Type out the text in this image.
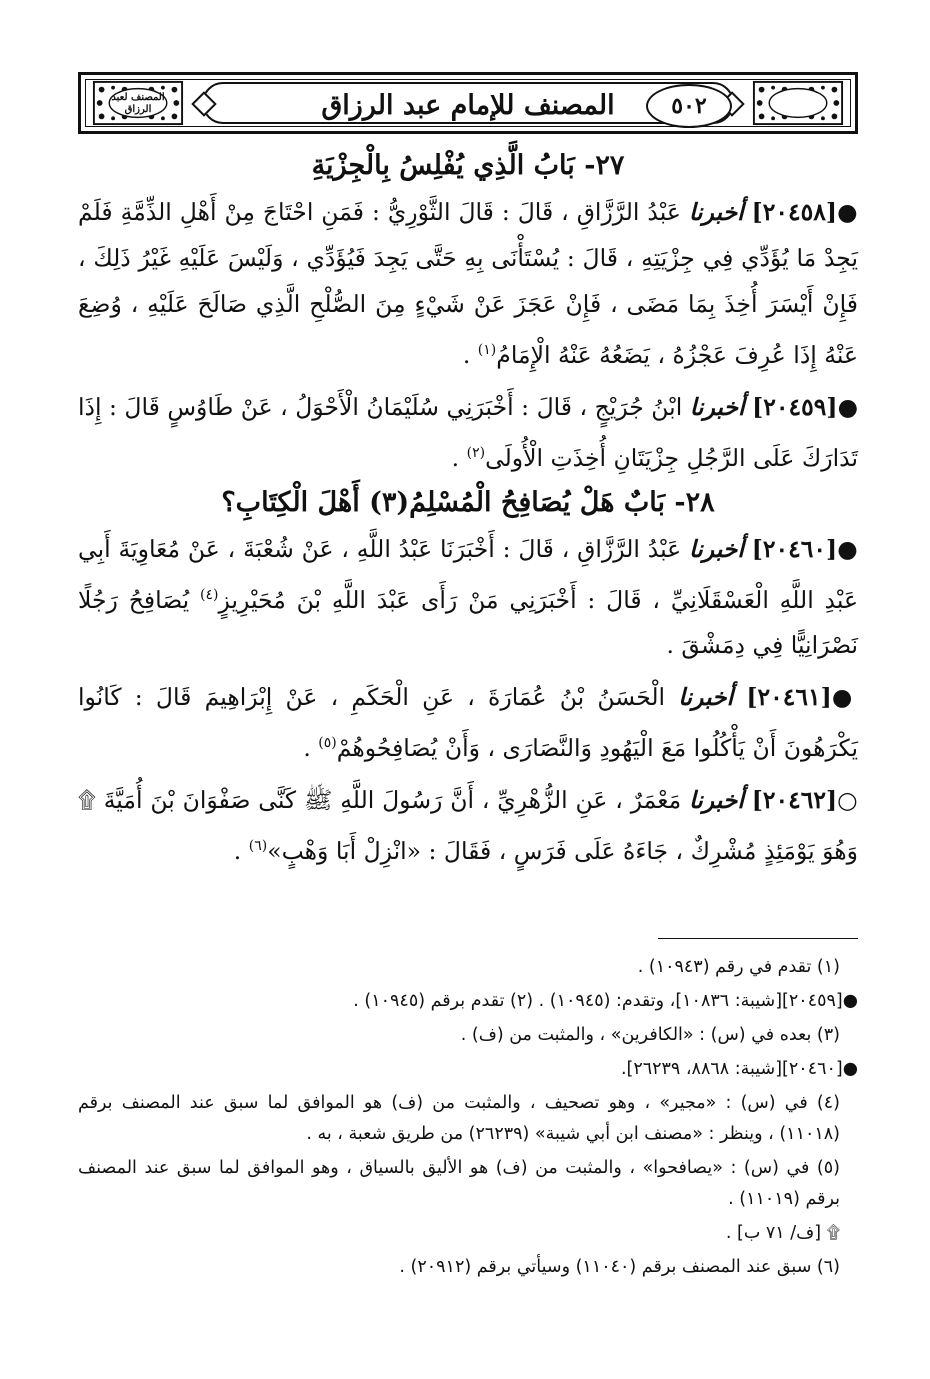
المصنف لعبد الرزاق	المصنف للإمام عبد الرزاق	٥٠٢
٢٧- بَابُ الَّذِي يُفْلِسُ بِالْجِزْيَةِ

●[٢٠٤٥٨] أخبرنا عَبْدُ الرَّزَّاقِ ، قَالَ : قَالَ الثَّوْرِيُّ : فَمَنِ احْتَاجَ مِنْ أَهْلِ الذِّمَّةِ فَلَمْ يَجِدْ مَا يُؤَدِّي فِي جِزْيَتِهِ ، قَالَ : يُسْتَأْنَى بِهِ حَتَّى يَجِدَ فَيُؤَدِّي ، وَلَيْسَ عَلَيْهِ غَيْرُ ذَلِكَ ، فَإِنْ أَيْسَرَ أُخِذَ بِمَا مَضَى ، فَإِنْ عَجَزَ عَنْ شَيْءٍ مِنَ الصُّلْحِ الَّذِي صَالَحَ عَلَيْهِ ، وُضِعَ عَنْهُ إِذَا عُرِفَ عَجْزُهُ ، يَضَعُهُ عَنْهُ الْإِمَامُ$^{(١)}$ .

●[٢٠٤٥٩] أخبرنا ابْنُ جُرَيْجٍ ، قَالَ : أَخْبَرَنِي سُلَيْمَانُ الْأَحْوَلُ ، عَنْ طَاوُسٍ قَالَ : إِذَا تَدَارَكَ عَلَى الرَّجُلِ جِزْيَتَانِ أُخِذَتِ الْأُولَى$^{(٢)}$ .

٢٨- بَابٌ هَلْ يُصَافِحُ الْمُسْلِمُ(٣) أَهْلَ الْكِتَابِ؟

●[٢٠٤٦٠] أخبرنا عَبْدُ الرَّزَّاقِ ، قَالَ : أَخْبَرَنَا عَبْدُ اللَّهِ ، عَنْ شُعْبَةَ ، عَنْ مُعَاوِيَةَ أَبِي عَبْدِ اللَّهِ الْعَسْقَلَانِيِّ ، قَالَ : أَخْبَرَنِي مَنْ رَأَى عَبْدَ اللَّهِ بْنَ مُحَيْرِيزٍ$^{(٤)}$ يُصَافِحُ رَجُلًا نَصْرَانِيًّا فِي دِمَشْقَ .

●[٢٠٤٦١] أخبرنا الْحَسَنُ بْنُ عُمَارَةَ ، عَنِ الْحَكَمِ ، عَنْ إِبْرَاهِيمَ قَالَ : كَانُوا يَكْرَهُونَ أَنْ يَأْكُلُوا مَعَ الْيَهُودِ وَالنَّصَارَى ، وَأَنْ يُصَافِحُوهُمْ$^{(٥)}$ .

○[٢٠٤٦٢] أخبرنا مَعْمَرٌ ، عَنِ الزُّهْرِيِّ ، أَنَّ رَسُولَ اللَّهِ ﷺ كَنَّى صَفْوَانَ بْنَ أُمَيَّةَ ۩ وَهُوَ يَوْمَئِذٍ مُشْرِكٌ ، جَاءَهُ عَلَى فَرَسٍ ، فَقَالَ : «انْزِلْ أَبَا وَهْبٍ»$^{(٦)}$ .

(١) تقدم في رقم (١٠٩٤٣) .

●[٢٠٤٥٩][شيبة: ١٠٨٣٦]، وتقدم: (١٠٩٤٥) . (٢) تقدم برقم (١٠٩٤٥) .

(٣) بعده في (س) : «الكافرين» ، والمثبت من (ف) .

●[٢٠٤٦٠][شيبة: ٨٨٦٨، ٢٦٢٣٩].

(٤) في (س) : «مجير» ، وهو تصحيف ، والمثبت من (ف) هو الموافق لما سبق عند المصنف برقم (١١٠١٨) ، وينظر : «مصنف ابن أبي شيبة» (٢٦٢٣٩) من طريق شعبة ، به .

(٥) في (س) : «يصافحوا» ، والمثبت من (ف) هو الأليق بالسياق ، وهو الموافق لما سبق عند المصنف برقم (١١٠١٩) .

۩ [ف/ ٧١ ب] .

(٦) سبق عند المصنف برقم (١١٠٤٠) وسيأتي برقم (٢٠٩١٢) .
